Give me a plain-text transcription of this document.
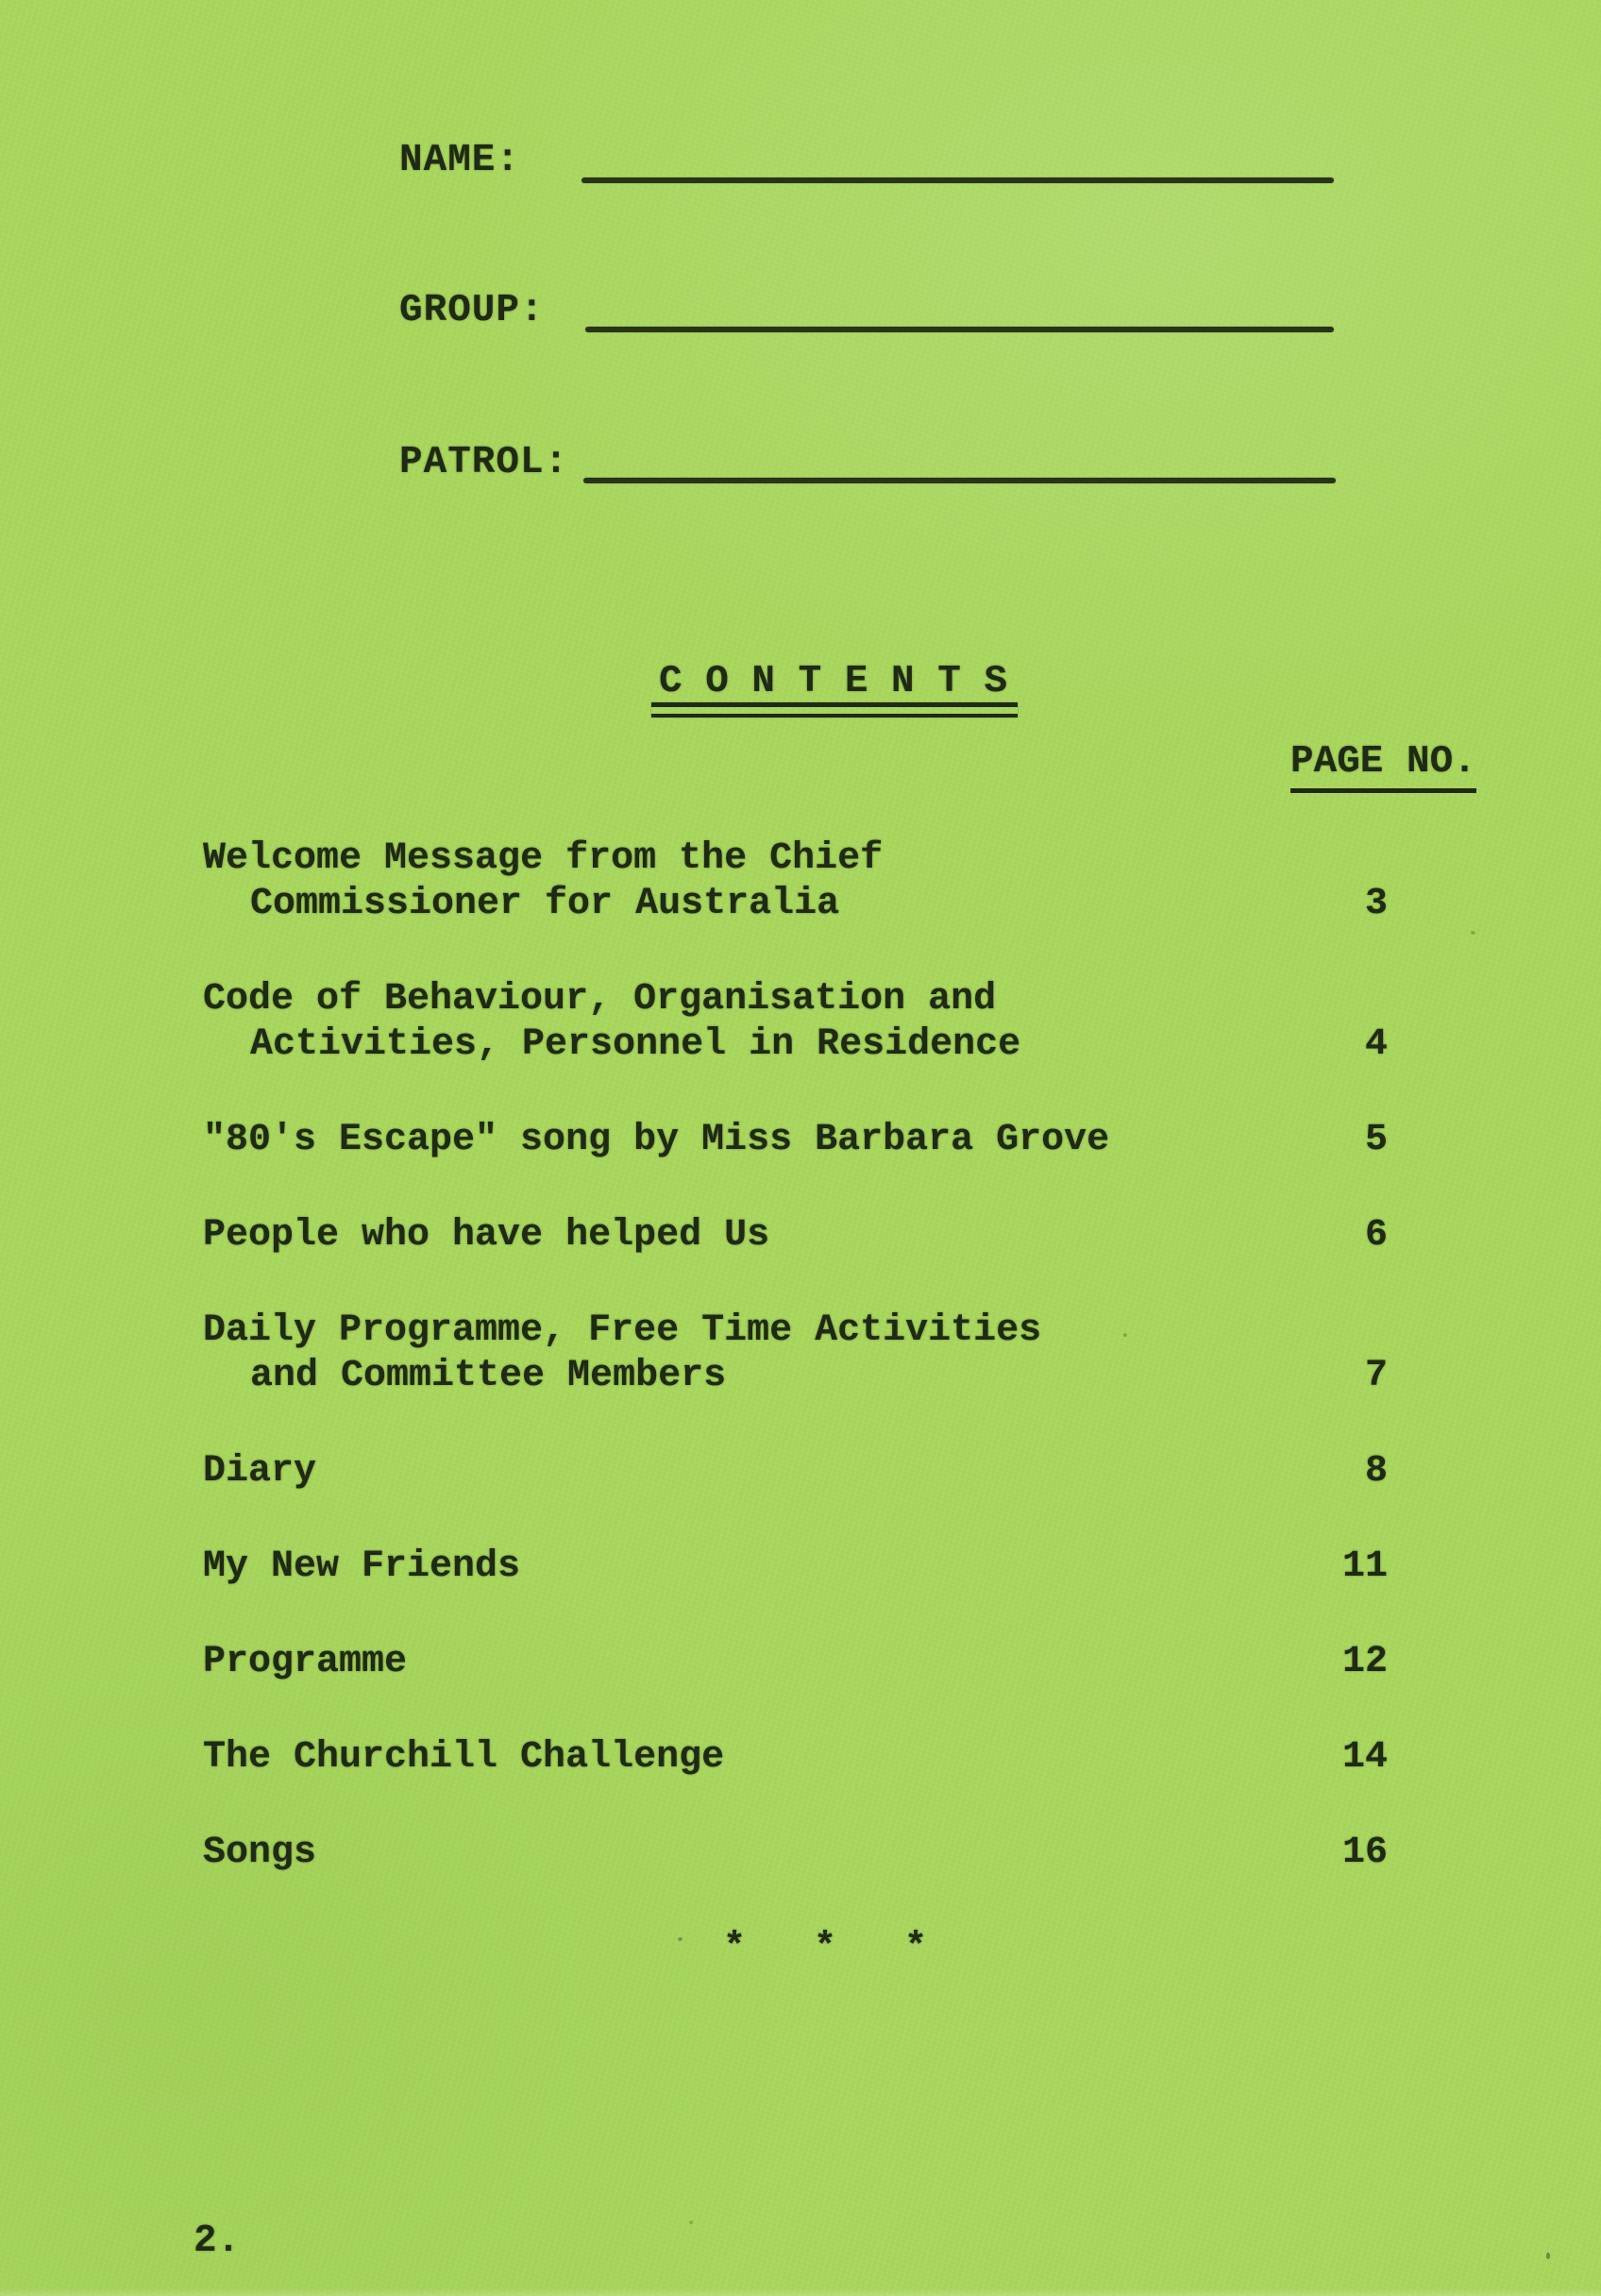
NAME:
GROUP:
PATROL:
C O N T E N T S
PAGE NO.
Welcome Message from the Chief
Commissioner for Australia	3
Code of Behaviour, Organisation and
Activities, Personnel in Residence	4
"80's Escape" song by Miss Barbara Grove	5
People who have helped Us	6
Daily Programme, Free Time Activities
and Committee Members	7
Diary	8
My New Friends	11
Programme	12
The Churchill Challenge	14
Songs	16
*   *   *
2.
